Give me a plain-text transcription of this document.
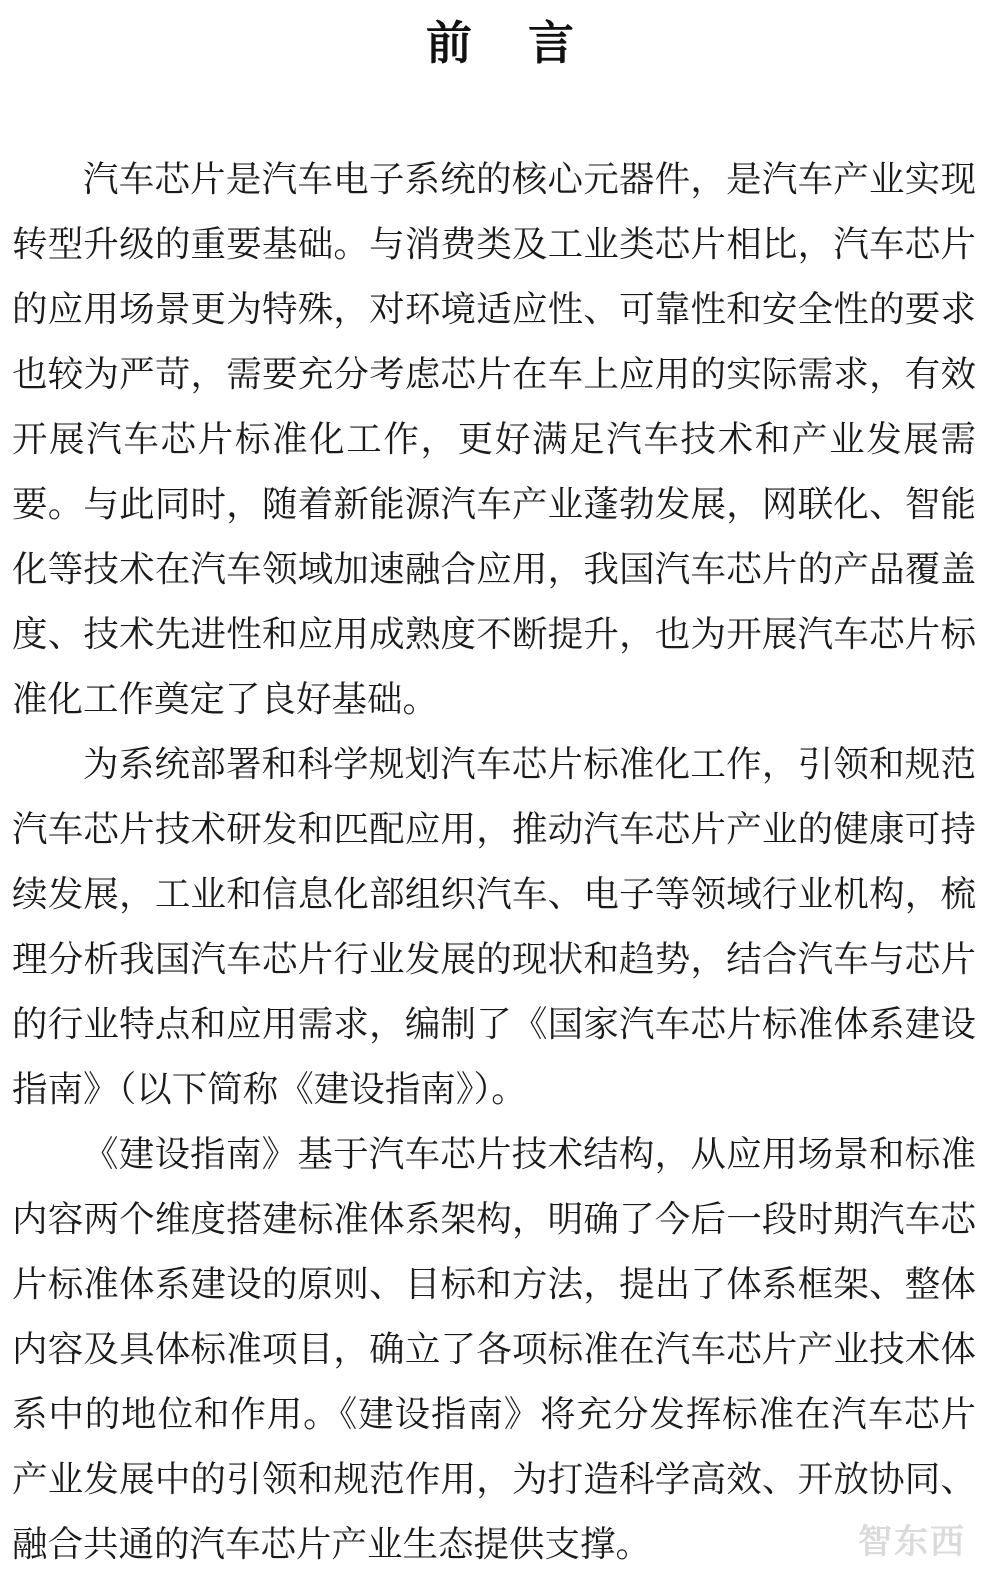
前 言

汽车芯片是汽车电子系统的核心元器件，是汽车产业实现转型升级的重要基础。与消费类及工业类芯片相比，汽车芯片的应用场景更为特殊，对环境适应性、可靠性和安全性的要求也较为严苛，需要充分考虑芯片在车上应用的实际需求，有效开展汽车芯片标准化工作，更好满足汽车技术和产业发展需要。与此同时，随着新能源汽车产业蓬勃发展，网联化、智能化等技术在汽车领域加速融合应用，我国汽车芯片的产品覆盖度、技术先进性和应用成熟度不断提升，也为开展汽车芯片标准化工作奠定了良好基础。

为系统部署和科学规划汽车芯片标准化工作，引领和规范汽车芯片技术研发和匹配应用，推动汽车芯片产业的健康可持续发展，工业和信息化部组织汽车、电子等领域行业机构，梳理分析我国汽车芯片行业发展的现状和趋势，结合汽车与芯片的行业特点和应用需求，编制了《国家汽车芯片标准体系建设指南》（以下简称《建设指南》）。

《建设指南》基于汽车芯片技术结构，从应用场景和标准内容两个维度搭建标准体系架构，明确了今后一段时期汽车芯片标准体系建设的原则、目标和方法，提出了体系框架、整体内容及具体标准项目，确立了各项标准在汽车芯片产业技术体系中的地位和作用。《建设指南》将充分发挥标准在汽车芯片产业发展中的引领和规范作用，为打造科学高效、开放协同、融合共通的汽车芯片产业生态提供支撑。	智东西
